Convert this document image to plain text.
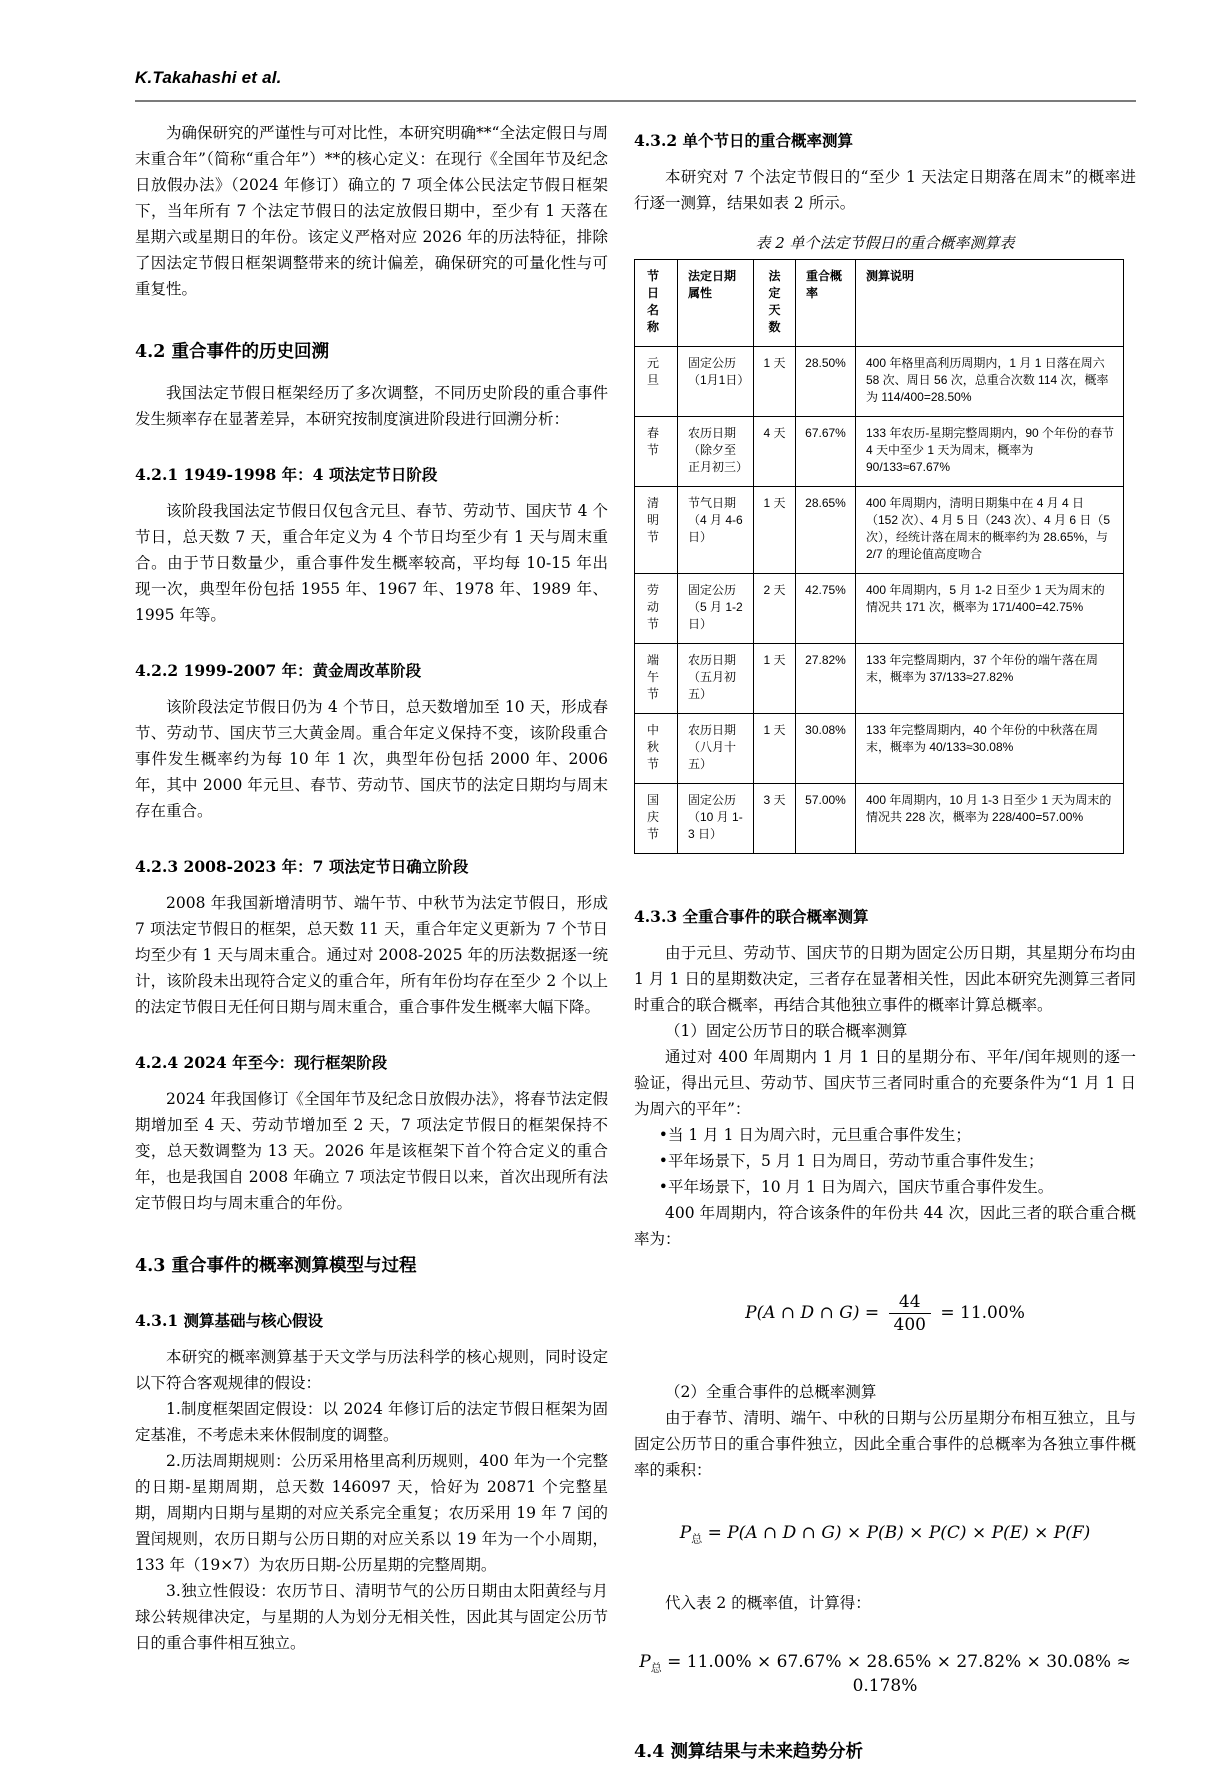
K.Takahashi et al.

为确保研究的严谨性与可对比性，本研究明确**“全法定假日与周末重合年”（简称“重合年”）**的核心定义：在现行《全国年节及纪念日放假办法》（2024 年修订）确立的 7 项全体公民法定节假日框架下，当年所有 7 个法定节假日的法定放假日期中，至少有 1 天落在星期六或星期日的年份。该定义严格对应 2026 年的历法特征，排除了因法定节假日框架调整带来的统计偏差，确保研究的可量化性与可重复性。

4.2 重合事件的历史回溯

我国法定节假日框架经历了多次调整，不同历史阶段的重合事件发生频率存在显著差异，本研究按制度演进阶段进行回溯分析：

4.2.1 1949-1998 年：4 项法定节日阶段

该阶段我国法定节假日仅包含元旦、春节、劳动节、国庆节 4 个节日，总天数 7 天，重合年定义为 4 个节日均至少有 1 天与周末重合。由于节日数量少，重合事件发生概率较高，平均每 10-15 年出现一次，典型年份包括 1955 年、1967 年、1978 年、1989 年、1995 年等。

4.2.2 1999-2007 年：黄金周改革阶段

该阶段法定节假日仍为 4 个节日，总天数增加至 10 天，形成春节、劳动节、国庆节三大黄金周。重合年定义保持不变，该阶段重合事件发生概率约为每 10 年 1 次，典型年份包括 2000 年、2006 年，其中 2000 年元旦、春节、劳动节、国庆节的法定日期均与周末存在重合。

4.2.3 2008-2023 年：7 项法定节日确立阶段

2008 年我国新增清明节、端午节、中秋节为法定节假日，形成 7 项法定节假日的框架，总天数 11 天，重合年定义更新为 7 个节日均至少有 1 天与周末重合。通过对 2008-2025 年的历法数据逐一统计，该阶段未出现符合定义的重合年，所有年份均存在至少 2 个以上的法定节假日无任何日期与周末重合，重合事件发生概率大幅下降。

4.2.4 2024 年至今：现行框架阶段

2024 年我国修订《全国年节及纪念日放假办法》，将春节法定假期增加至 4 天、劳动节增加至 2 天，7 项法定节假日的框架保持不变，总天数调整为 13 天。2026 年是该框架下首个符合定义的重合年，也是我国自 2008 年确立 7 项法定节假日以来，首次出现所有法定节假日均与周末重合的年份。

4.3 重合事件的概率测算模型与过程
4.3.1 测算基础与核心假设

本研究的概率测算基于天文学与历法科学的核心规则，同时设定以下符合客观规律的假设：

1.制度框架固定假设：以 2024 年修订后的法定节假日框架为固定基准，不考虑未来休假制度的调整。

2.历法周期规则：公历采用格里高利历规则，400 年为一个完整的日期-星期周期，总天数 146097 天，恰好为 20871 个完整星期，周期内日期与星期的对应关系完全重复；农历采用 19 年 7 闰的置闰规则，农历日期与公历日期的对应关系以 19 年为一个小周期，133 年（19×7）为农历日期-公历星期的完整周期。

3.独立性假设：农历节日、清明节气的公历日期由太阳黄经与月球公转规律决定，与星期的人为划分无相关性，因此其与固定公历节日的重合事件相互独立。

4.3.2 单个节日的重合概率测算

本研究对 7 个法定节假日的“至少 1 天法定日期落在周末”的概率进行逐一测算，结果如表 2 所示。

表 2 单个法定节假日的重合概率测算表
节日名称	法定日期属性	法定天数	重合概率	测算说明
元旦	固定公历（1月1日）	1 天	28.50%	400 年格里高利历周期内，1 月 1 日落在周六 58 次、周日 56 次，总重合次数 114 次，概率为 114/400=28.50%
春节	农历日期（除夕至正月初三）	4 天	67.67%	133 年农历-星期完整周期内，90 个年份的春节 4 天中至少 1 天为周末，概率为 90/133≈67.67%
清明节	节气日期（4 月 4-6 日）	1 天	28.65%	400 年周期内，清明日期集中在 4 月 4 日（152 次）、4 月 5 日（243 次）、4 月 6 日（5 次），经统计落在周末的概率约为 28.65%，与 2/7 的理论值高度吻合
劳动节	固定公历（5 月 1-2 日）	2 天	42.75%	400 年周期内，5 月 1-2 日至少 1 天为周末的情况共 171 次，概率为 171/400=42.75%
端午节	农历日期（五月初五）	1 天	27.82%	133 年完整周期内，37 个年份的端午落在周末，概率为 37/133≈27.82%
中秋节	农历日期（八月十五）	1 天	30.08%	133 年完整周期内，40 个年份的中秋落在周末，概率为 40/133≈30.08%
国庆节	固定公历（10 月 1-3 日）	3 天	57.00%	400 年周期内，10 月 1-3 日至少 1 天为周末的情况共 228 次，概率为 228/400=57.00%
4.3.3 全重合事件的联合概率测算

由于元旦、劳动节、国庆节的日期为固定公历日期，其星期分布均由 1 月 1 日的星期数决定，三者存在显著相关性，因此本研究先测算三者同时重合的联合概率，再结合其他独立事件的概率计算总概率。

（1）固定公历节日的联合概率测算

通过对 400 年周期内 1 月 1 日的星期分布、平年/闰年规则的逐一验证，得出元旦、劳动节、国庆节三者同时重合的充要条件为“1 月 1 日为周六的平年”：

•当 1 月 1 日为周六时，元旦重合事件发生；

•平年场景下，5 月 1 日为周日，劳动节重合事件发生；

•平年场景下，10 月 1 日为周六，国庆节重合事件发生。

400 年周期内，符合该条件的年份共 44 次，因此三者的联合重合概率为：

P(A ∩ D ∩ $G) = \frac{44}{400} = 11.00\%$

（2）全重合事件的总概率测算

由于春节、清明、端午、中秋的日期与公历星期分布相互独立，且与固定公历节日的重合事件独立，因此全重合事件的总概率为各独立事件概率的乘积：

$P_总 = P(A$ ∩ D ∩ G) × P(B) × P(C) × P(E) × P(F)

代入表 2 的概率值，计算得：

$P_总 = 11.00\% \times 67.67\% \times 28.65\% \times 27.82\% \times 30.08\% \approx 0.178\%$
4.4 测算结果与未来趋势分析
